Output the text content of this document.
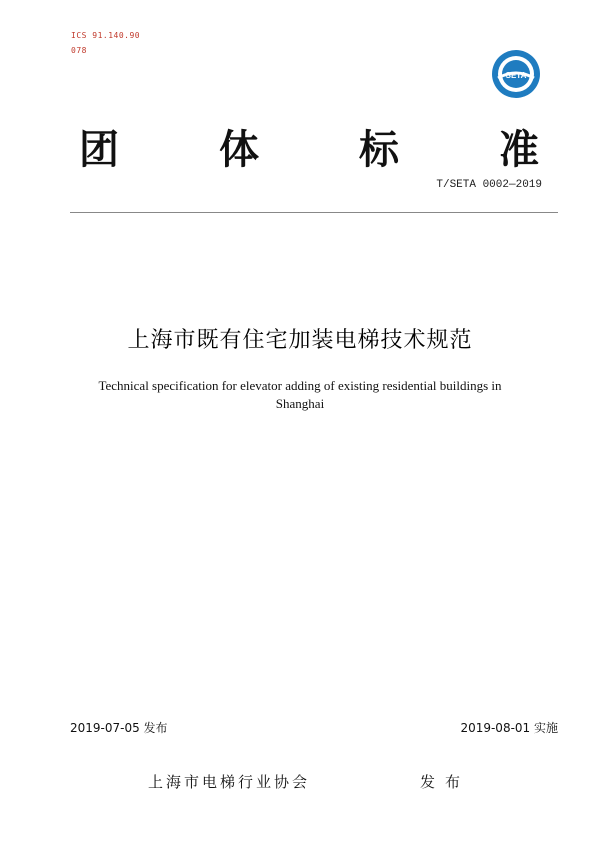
ICS 91.140.90
078
SETA
团 体 标 准
T/SETA 0002—2019
上海市既有住宅加装电梯技术规范
Technical specification for elevator adding of existing residential buildings in
Shanghai
2019-07-05 发布	2019-08-01 实施
上海市电梯行业协会	发布
